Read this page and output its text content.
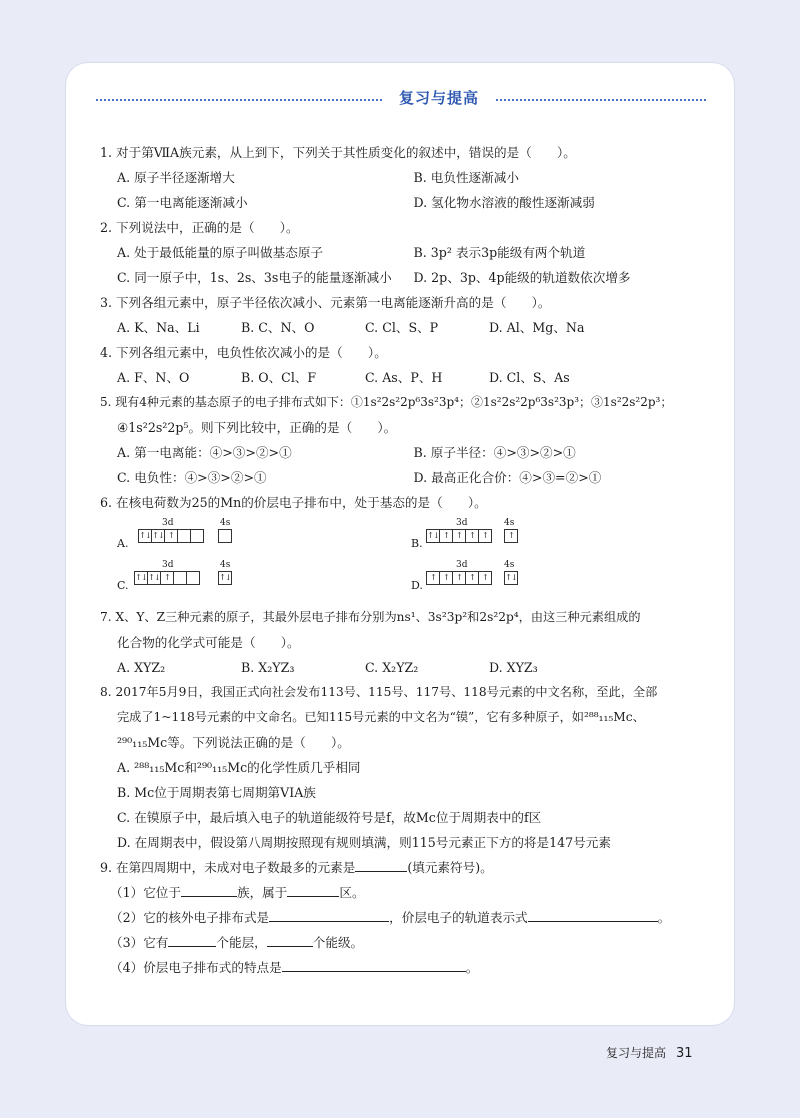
复习与提高
1. 对于第ⅦA族元素，从上到下，下列关于其性质变化的叙述中，错误的是（　　）。
A. 原子半径逐渐增大	B. 电负性逐渐减小
C. 第一电离能逐渐减小	D. 氢化物水溶液的酸性逐渐减弱
2. 下列说法中，正确的是（　　）。
A. 处于最低能量的原子叫做基态原子	B. 3p² 表示3p能级有两个轨道
C. 同一原子中，1s、2s、3s电子的能量逐渐减小	D. 2p、3p、4p能级的轨道数依次增多
3. 下列各组元素中，原子半径依次减小、元素第一电离能逐渐升高的是（　　）。
A. K、Na、Li	B. C、N、O	C. Cl、S、P	D. Al、Mg、Na
4. 下列各组元素中，电负性依次减小的是（　　）。
A. F、N、O	B. O、Cl、F	C. As、P、H	D. Cl、S、As
5. 现有4种元素的基态原子的电子排布式如下：①1s²2s²2p⁶3s²3p⁴；②1s²2s²2p⁶3s²3p³；③1s²2s²2p³；
④1s²2s²2p⁵。则下列比较中，正确的是（　　）。
A. 第一电离能：④>③>②>①	B. 原子半径：④>③>②>①
C. 电负性：④>③>②>①	D. 最高正化合价：④>③=②>①
6. 在核电荷数为25的Mn的价层电子排布中，处于基态的是（　　）。
A.
3d	4s
↑↓ ↑↓ ↑
B.
3d	4s
↑↓ ↑ ↑ ↑ ↑	↑
C.
3d	4s
↑↓ ↑↓ ↑	↑↓
D.
3d	4s
↑ ↑ ↑ ↑ ↑	↑↓
7. X、Y、Z三种元素的原子，其最外层电子排布分别为ns¹、3s²3p²和2s²2p⁴，由这三种元素组成的
化合物的化学式可能是（　　）。
A. XYZ₂	B. X₂YZ₃	C. X₂YZ₂	D. XYZ₃
8. 2017年5月9日，我国正式向社会发布113号、115号、117号、118号元素的中文名称，至此，全部
完成了1~118号元素的中文命名。已知115号元素的中文名为“镆”，它有多种原子，如²⁸⁸₁₁₅Mc、
²⁹⁰₁₁₅Mc等。下列说法正确的是（　　）。
A. ²⁸⁸₁₁₅Mc和²⁹⁰₁₁₅Mc的化学性质几乎相同
B. Mc位于周期表第七周期第VIA族
C. 在镆原子中，最后填入电子的轨道能级符号是f，故Mc位于周期表中的f区
D. 在周期表中，假设第八周期按照现有规则填满，则115号元素正下方的将是147号元素
9. 在第四周期中，未成对电子数最多的元素是	(填元素符号)。
（1）它位于	族，属于	区。
（2）它的核外电子排布式是	，价层电子的轨道表示式	。
（3）它有	个能层，	个能级。
（4）价层电子排布式的特点是	。
复习与提高 31
